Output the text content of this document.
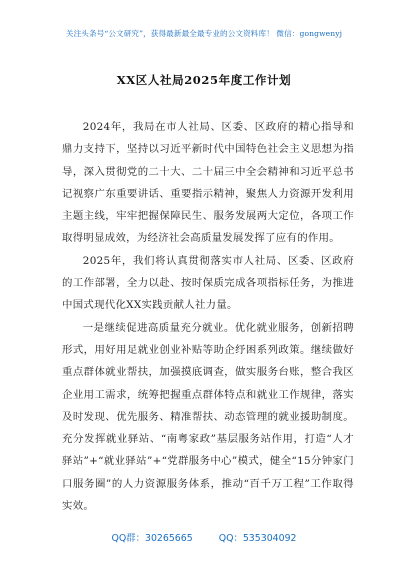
关注头条号“公文研究”，获得最新最全最专业的公文资料库！ 微信：gongwenyj
XX区人社局2025年度工作计划

2024年，我局在市人社局、区委、区政府的精心指导和鼎力支持下，坚持以习近平新时代中国特色社会主义思想为指导，深入贯彻党的二十大、二十届三中全会精神和习近平总书记视察广东重要讲话、重要指示精神，聚焦人力资源开发利用主题主线，牢牢把握保障民生、服务发展两大定位，各项工作取得明显成效，为经济社会高质量发展发挥了应有的作用。

2025年，我们将认真贯彻落实市人社局、区委、区政府的工作部署，全力以赴、按时保质完成各项指标任务，为推进中国式现代化XX实践贡献人社力量。

一是继续促进高质量充分就业。优化就业服务，创新招聘形式，用好用足就业创业补贴等助企纾困系列政策。继续做好重点群体就业帮扶，加强摸底调查，做实服务台账，整合我区企业用工需求，统筹把握重点群体特点和就业工作规律，落实及时发现、优先服务、精准帮扶、动态管理的就业援助制度。充分发挥就业驿站、“南粤家政”基层服务站作用，打造“人才驿站”+“就业驿站”+“党群服务中心”模式，健全“15分钟家门口服务圈”的人力资源服务体系，推动“百千万工程”工作取得实效。

QQ群：30265665	QQ：535304092
